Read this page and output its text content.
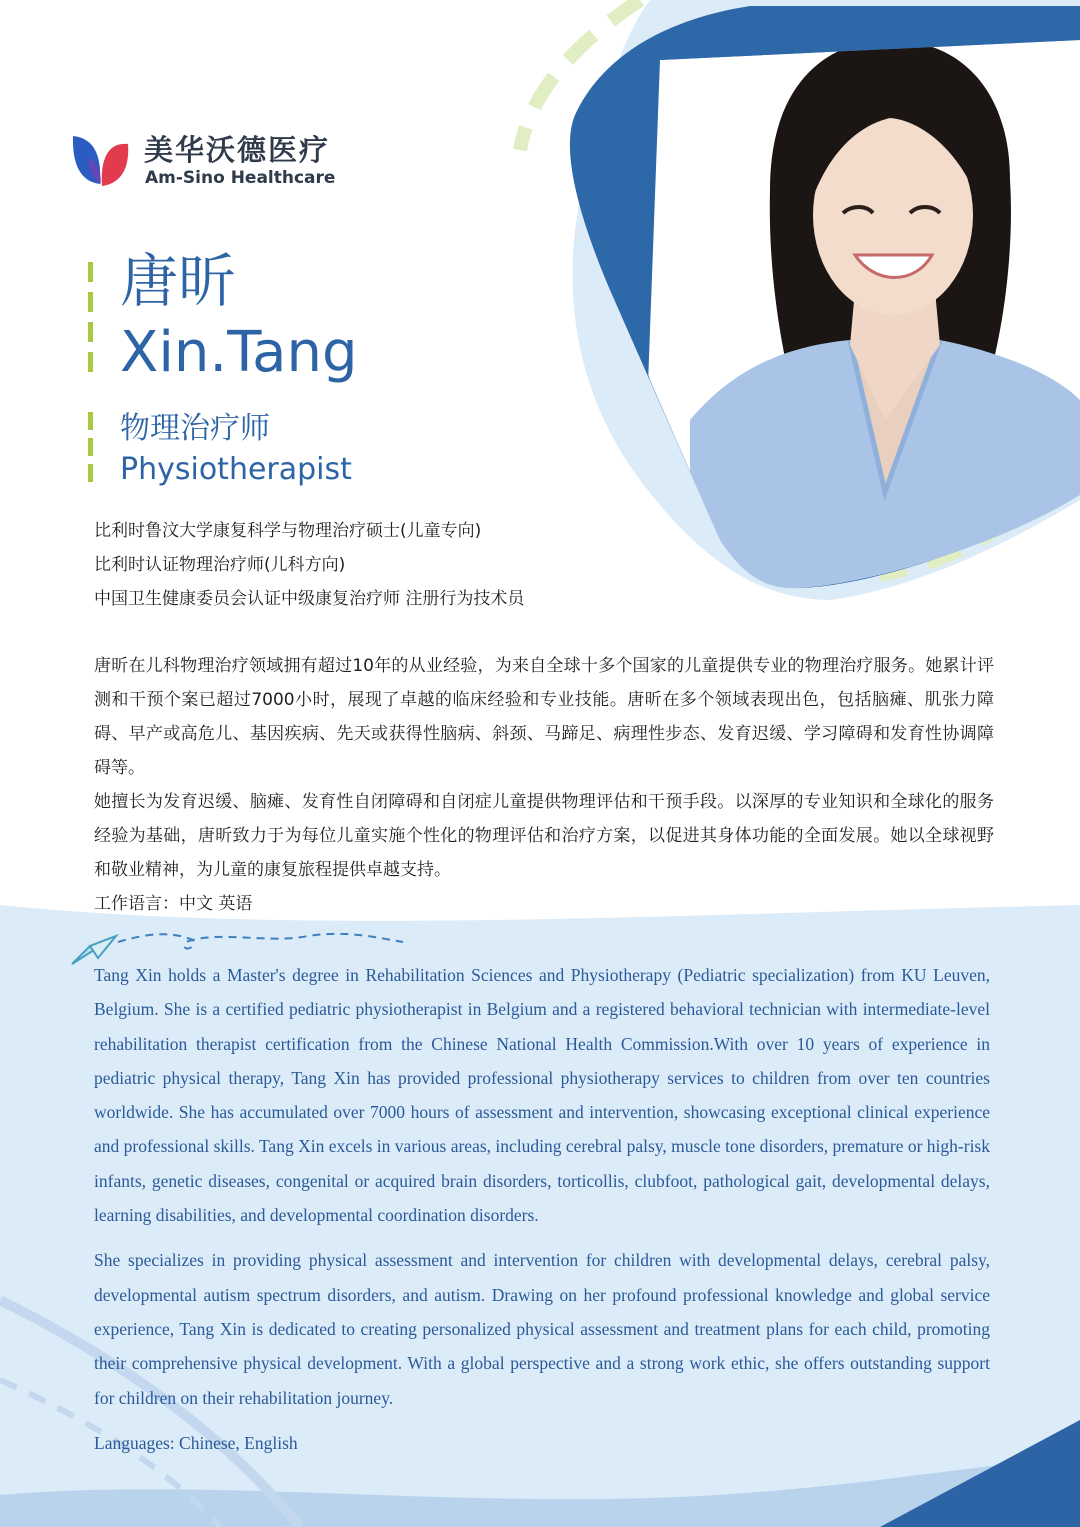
美华沃德医疗
Am-Sino Healthcare
唐昕
Xin.Tang
物理治疗师
Physiotherapist
比利时鲁汶大学康复科学与物理治疗硕士(儿童专向)
比利时认证物理治疗师(儿科方向)
中国卫生健康委员会认证中级康复治疗师 注册行为技术员

唐昕在儿科物理治疗领域拥有超过10年的从业经验，为来自全球十多个国家的儿童提供专业的物理治疗服务。她累计评测和干预个案已超过7000小时，展现了卓越的临床经验和专业技能。唐昕在多个领域表现出色，包括脑瘫、肌张力障碍、早产或高危儿、基因疾病、先天或获得性脑病、斜颈、马蹄足、病理性步态、发育迟缓、学习障碍和发育性协调障碍等。

她擅长为发育迟缓、脑瘫、发育性自闭障碍和自闭症儿童提供物理评估和干预手段。以深厚的专业知识和全球化的服务经验为基础，唐昕致力于为每位儿童实施个性化的物理评估和治疗方案，以促进其身体功能的全面发展。她以全球视野和敬业精神，为儿童的康复旅程提供卓越支持。

工作语言：中文 英语

Tang Xin holds a Master's degree in Rehabilitation Sciences and Physiotherapy (Pediatric specialization) from KU Leuven, Belgium. She is a certified pediatric physiotherapist in Belgium and a registered behavioral technician with intermediate-level rehabilitation therapist certification from the Chinese National Health Commission.With over 10 years of experience in pediatric physical therapy, Tang Xin has provided professional physiotherapy services to children from over ten countries worldwide. She has accumulated over 7000 hours of assessment and intervention, showcasing exceptional clinical experience and professional skills. Tang Xin excels in various areas, including cerebral palsy, muscle tone disorders, premature or high-risk infants, genetic diseases, congenital or acquired brain disorders, torticollis, clubfoot, pathological gait, developmental delays, learning disabilities, and developmental coordination disorders.

She specializes in providing physical assessment and intervention for children with developmental delays, cerebral palsy, developmental autism spectrum disorders, and autism. Drawing on her profound professional knowledge and global service experience, Tang Xin is dedicated to creating personalized physical assessment and treatment plans for each child, promoting their comprehensive physical development. With a global perspective and a strong work ethic, she offers outstanding support for children on their rehabilitation journey.

Languages: Chinese, English
